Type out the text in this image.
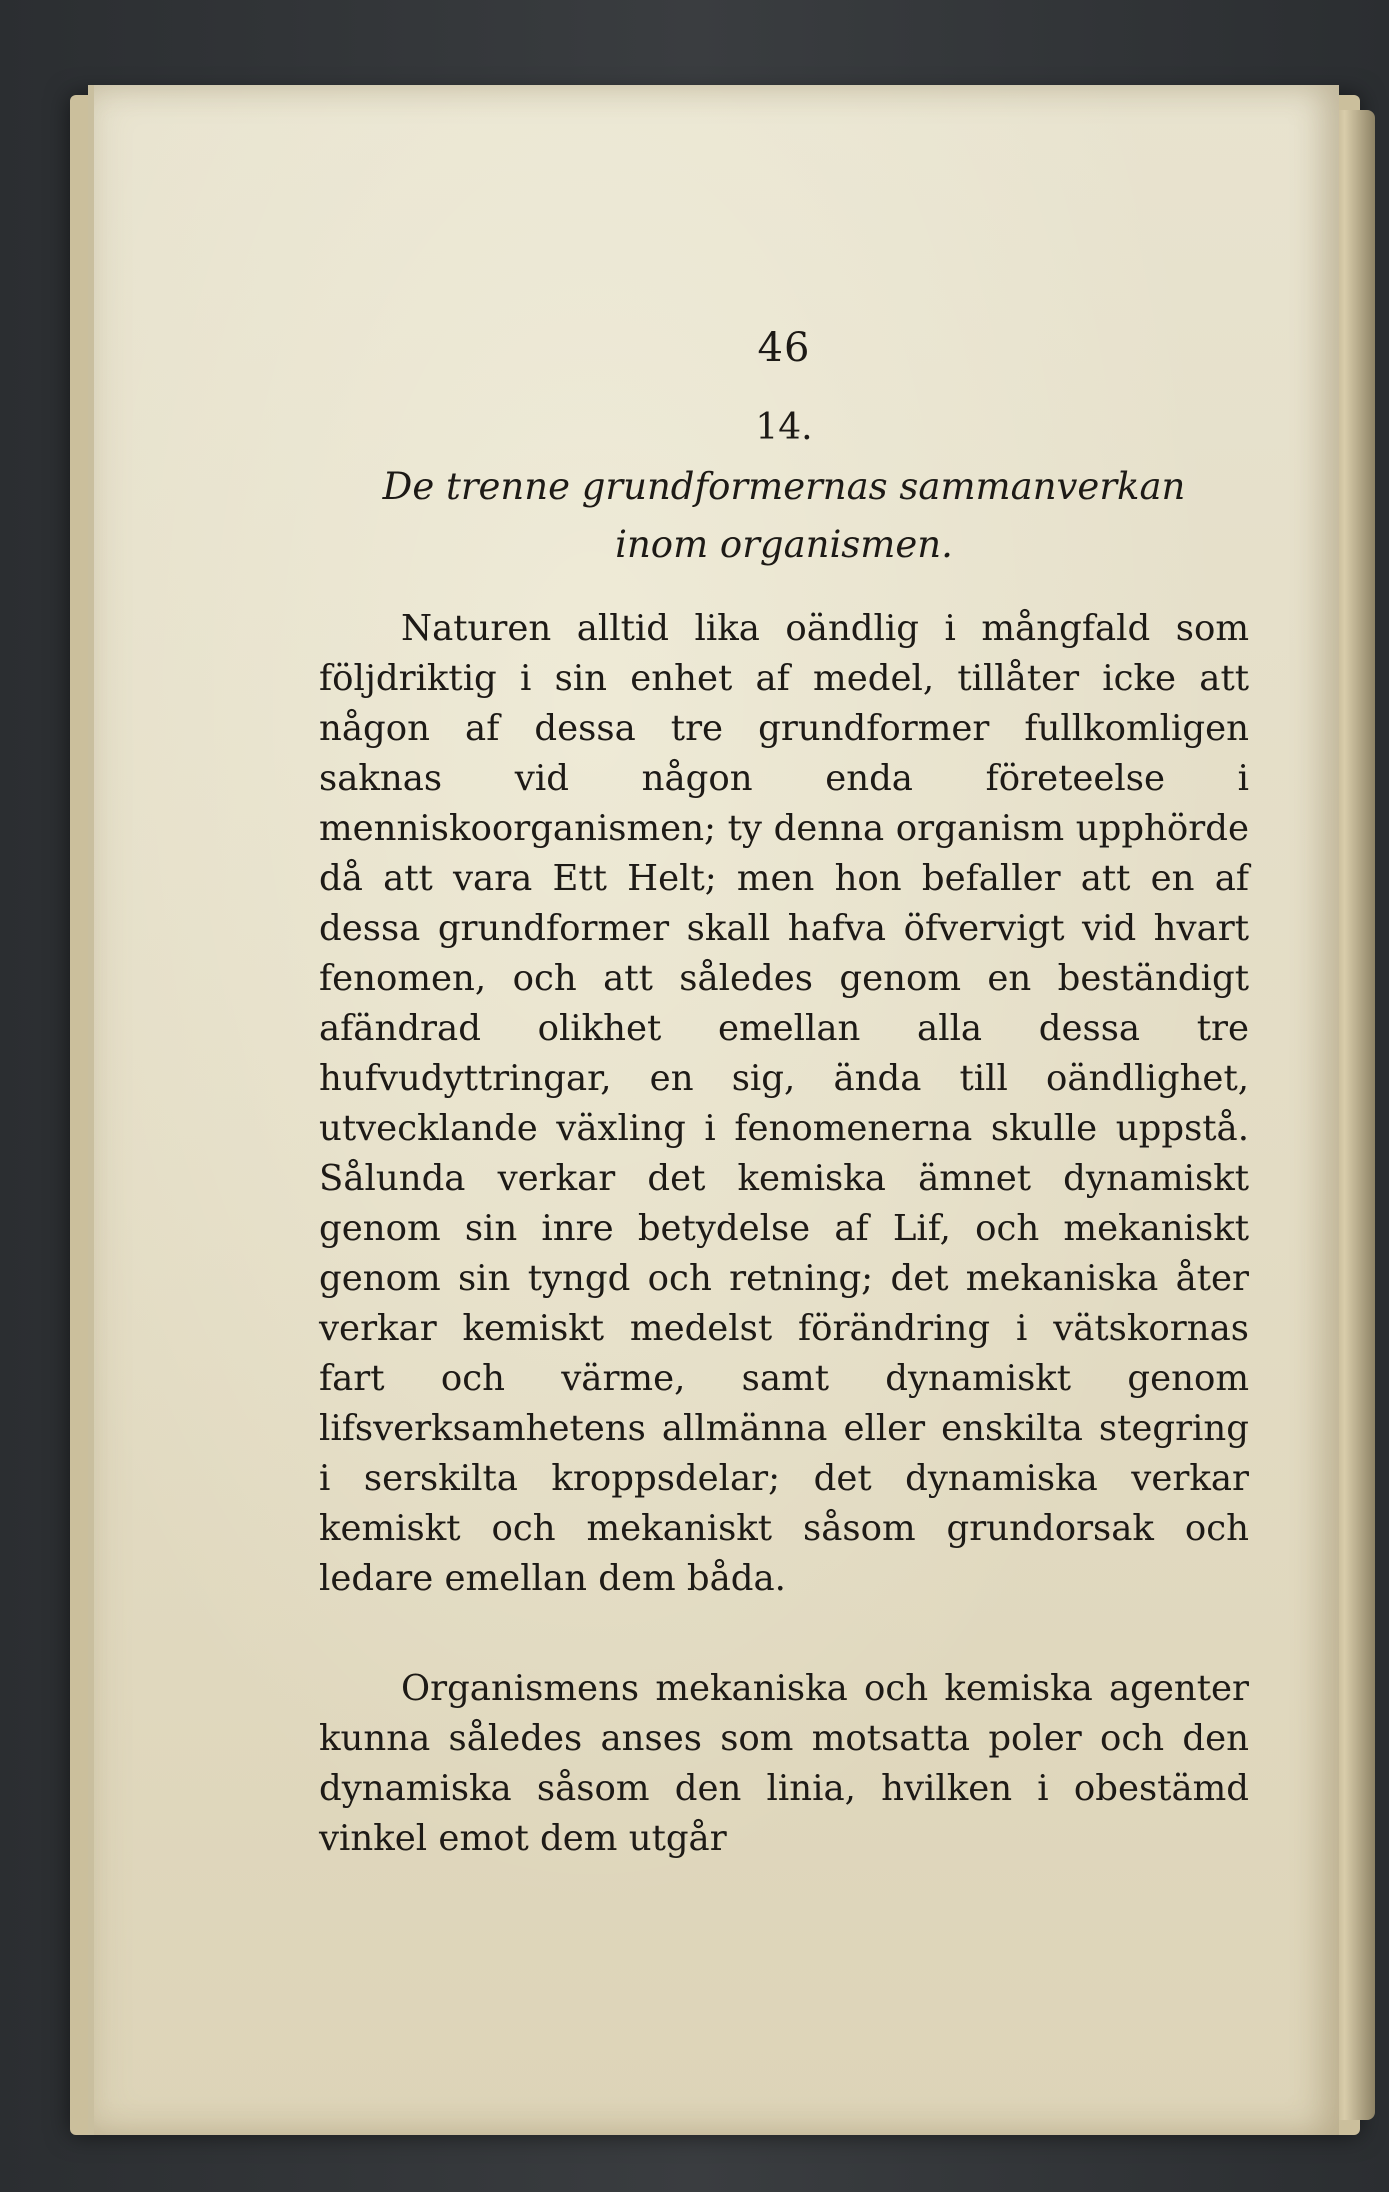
46
14.
De trenne grundformernas sammanverkan
inom organismen.

Naturen alltid lika oändlig i mångfald som följdriktig i sin enhet af medel, tillåter icke att någon af dessa tre grundformer fullkomligen saknas vid någon enda företeelse i menniskoorganismen; ty denna organism upphörde då att vara Ett Helt; men hon befaller att en af dessa grundformer skall hafva öfvervigt vid hvart fenomen, och att således genom en beständigt afändrad olikhet emellan alla dessa tre hufvudyttringar, en sig, ända till oändlighet, utvecklande växling i fenomenerna skulle uppstå. Sålunda verkar det kemiska ämnet dynamiskt genom sin inre betydelse af Lif, och mekaniskt genom sin tyngd och retning; det mekaniska åter verkar kemiskt medelst förändring i vätskornas fart och värme, samt dynamiskt genom lifsverksamhetens allmänna eller enskilta stegring i serskilta kroppsdelar; det dynamiska verkar kemiskt och mekaniskt såsom grundorsak och ledare emellan dem båda.

Organismens mekaniska och kemiska agenter kunna således anses som motsatta poler och den dynamiska såsom den linia, hvilken i obestämd vinkel emot dem utgår
